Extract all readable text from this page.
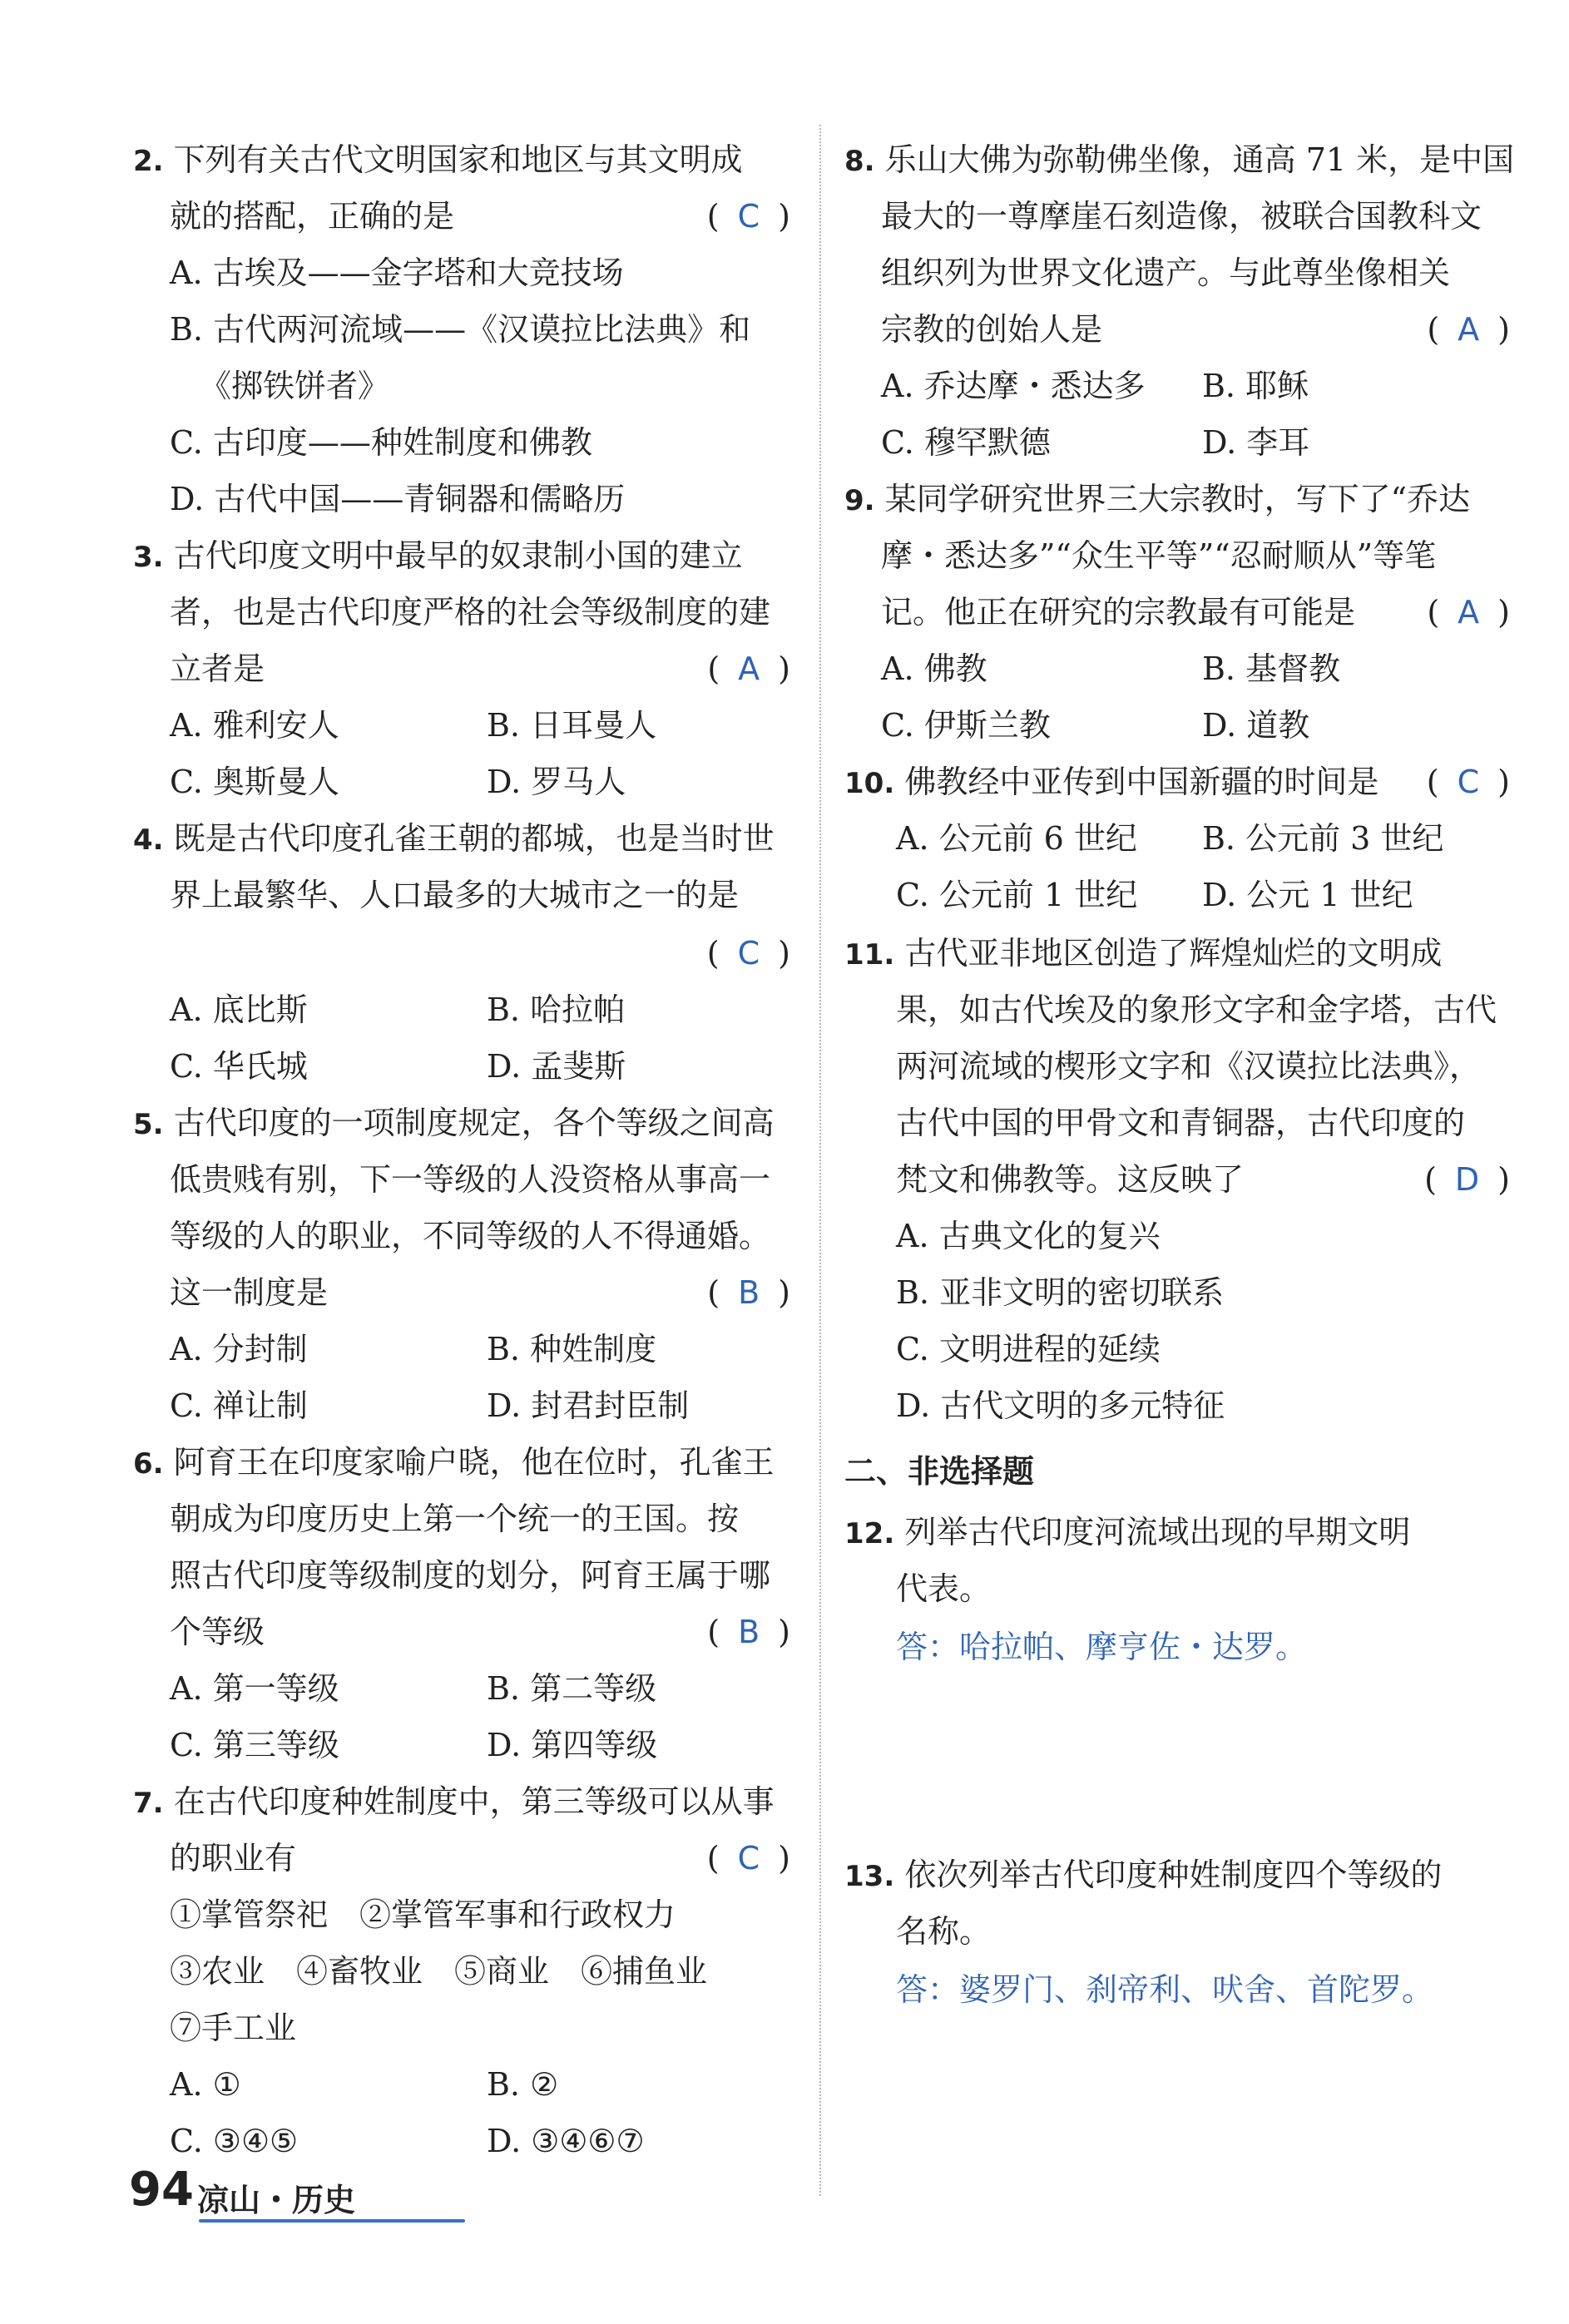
2. 下列有关古代文明国家和地区与其文明成
就的搭配，正确的是	( C )
A. 古埃及——金字塔和大竞技场
B. 古代两河流域——《汉谟拉比法典》和
《掷铁饼者》
C. 古印度——种姓制度和佛教
D. 古代中国——青铜器和儒略历
3. 古代印度文明中最早的奴隶制小国的建立
者，也是古代印度严格的社会等级制度的建
立者是	( A )
A. 雅利安人	B. 日耳曼人
C. 奥斯曼人	D. 罗马人
4. 既是古代印度孔雀王朝的都城，也是当时世
界上最繁华、人口最多的大城市之一的是
( C )
A. 底比斯	B. 哈拉帕
C. 华氏城	D. 孟斐斯
5. 古代印度的一项制度规定，各个等级之间高
低贵贱有别，下一等级的人没资格从事高一
等级的人的职业，不同等级的人不得通婚。
这一制度是	( B )
A. 分封制	B. 种姓制度
C. 禅让制	D. 封君封臣制
6. 阿育王在印度家喻户晓，他在位时，孔雀王
朝成为印度历史上第一个统一的王国。按
照古代印度等级制度的划分，阿育王属于哪
个等级	( B )
A. 第一等级	B. 第二等级
C. 第三等级	D. 第四等级
7. 在古代印度种姓制度中，第三等级可以从事
的职业有	( C )
①掌管祭祀　②掌管军事和行政权力
③农业　④畜牧业　⑤商业　⑥捕鱼业
⑦手工业
A. ①	B. ②
C. ③④⑤	D. ③④⑥⑦
8. 乐山大佛为弥勒佛坐像，通高 71 米，是中国
最大的一尊摩崖石刻造像，被联合国教科文
组织列为世界文化遗产。与此尊坐像相关
宗教的创始人是	( A )
A. 乔达摩・悉达多 B. 耶稣
C. 穆罕默德	D. 李耳
9. 某同学研究世界三大宗教时，写下了“乔达
摩・悉达多”“众生平等”“忍耐顺从”等笔
记。他正在研究的宗教最有可能是 ( A )
A. 佛教	B. 基督教
C. 伊斯兰教	D. 道教
10. 佛教经中亚传到中国新疆的时间是 ( C )
A. 公元前 6 世纪 B. 公元前 3 世纪
C. 公元前 1 世纪 D. 公元 1 世纪
11. 古代亚非地区创造了辉煌灿烂的文明成
果，如古代埃及的象形文字和金字塔，古代
两河流域的楔形文字和《汉谟拉比法典》，
古代中国的甲骨文和青铜器，古代印度的
梵文和佛教等。这反映了	( D )
A. 古典文化的复兴
B. 亚非文明的密切联系
C. 文明进程的延续
D. 古代文明的多元特征
二、非选择题
12. 列举古代印度河流域出现的早期文明
代表。
答：哈拉帕、摩亨佐・达罗。
13. 依次列举古代印度种姓制度四个等级的
名称。
答：婆罗门、刹帝利、吠舍、首陀罗。
94 凉山・历史
